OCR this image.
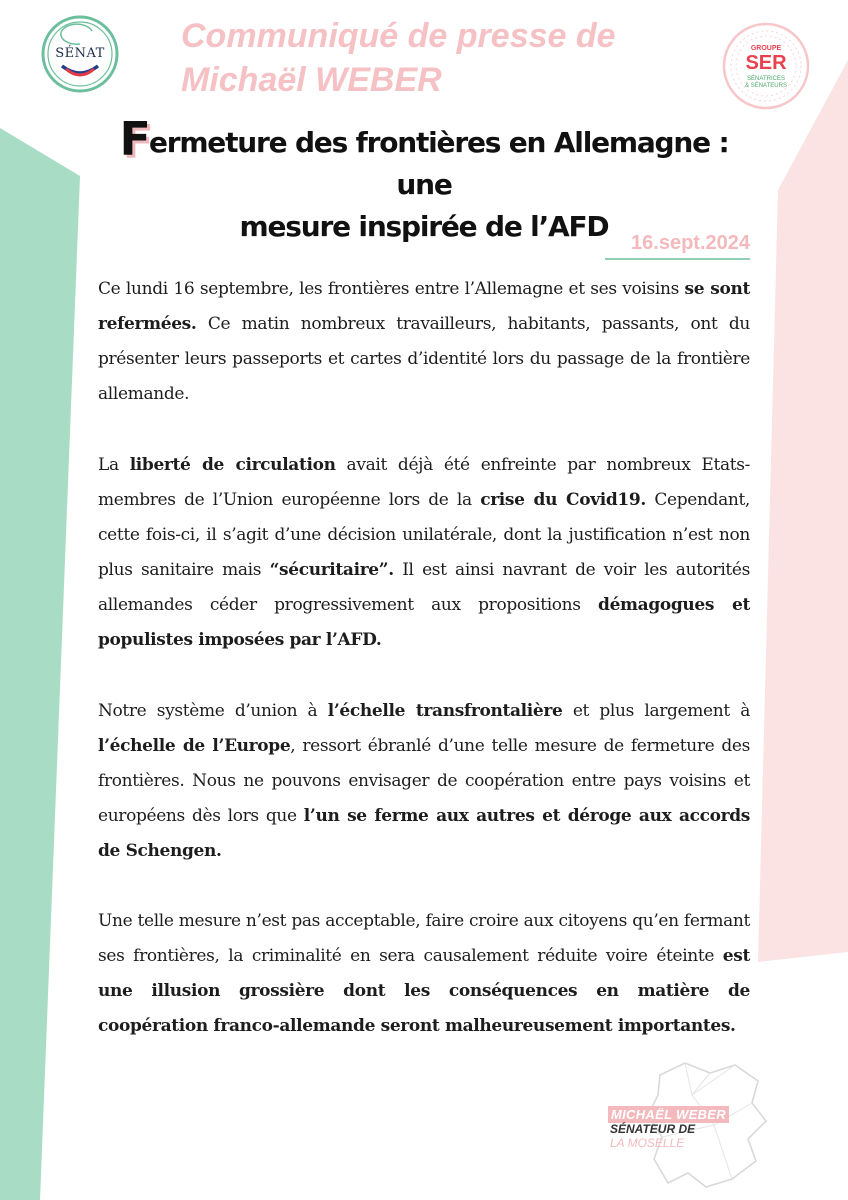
SÉNAT Communiqué de presse de
Michaël WEBER
GROUPE
SER
SÉNATRICES
& SÉNATEURS
Fermeture des frontières en Allemagne : une
mesure inspirée de l’AFD	16.sept.2024

Ce lundi 16 septembre, les frontières entre l’Allemagne et ses voisins se sont refermées. Ce matin nombreux travailleurs, habitants, passants, ont du présenter leurs passeports et cartes d’identité lors du passage de la frontière allemande.

La liberté de circulation avait déjà été enfreinte par nombreux Etats-membres de l’Union européenne lors de la crise du Covid19. Cependant, cette fois-ci, il s’agit d’une décision unilatérale, dont la justification n’est non plus sanitaire mais “sécuritaire”. Il est ainsi navrant de voir les autorités allemandes céder progressivement aux propositions démagogues et populistes imposées par l’AFD.

Notre système d’union à l’échelle transfrontalière et plus largement à l’échelle de l’Europe, ressort ébranlé d’une telle mesure de fermeture des frontières. Nous ne pouvons envisager de coopération entre pays voisins et européens dès lors que l’un se ferme aux autres et déroge aux accords de Schengen.

Une telle mesure n’est pas acceptable, faire croire aux citoyens qu’en fermant ses frontières, la criminalité en sera causalement réduite voire éteinte est une illusion grossière dont les conséquences en matière de coopération franco-allemande seront malheureusement importantes.

MICHAËL WEBER
SÉNATEUR DE
LA MOSELLE
